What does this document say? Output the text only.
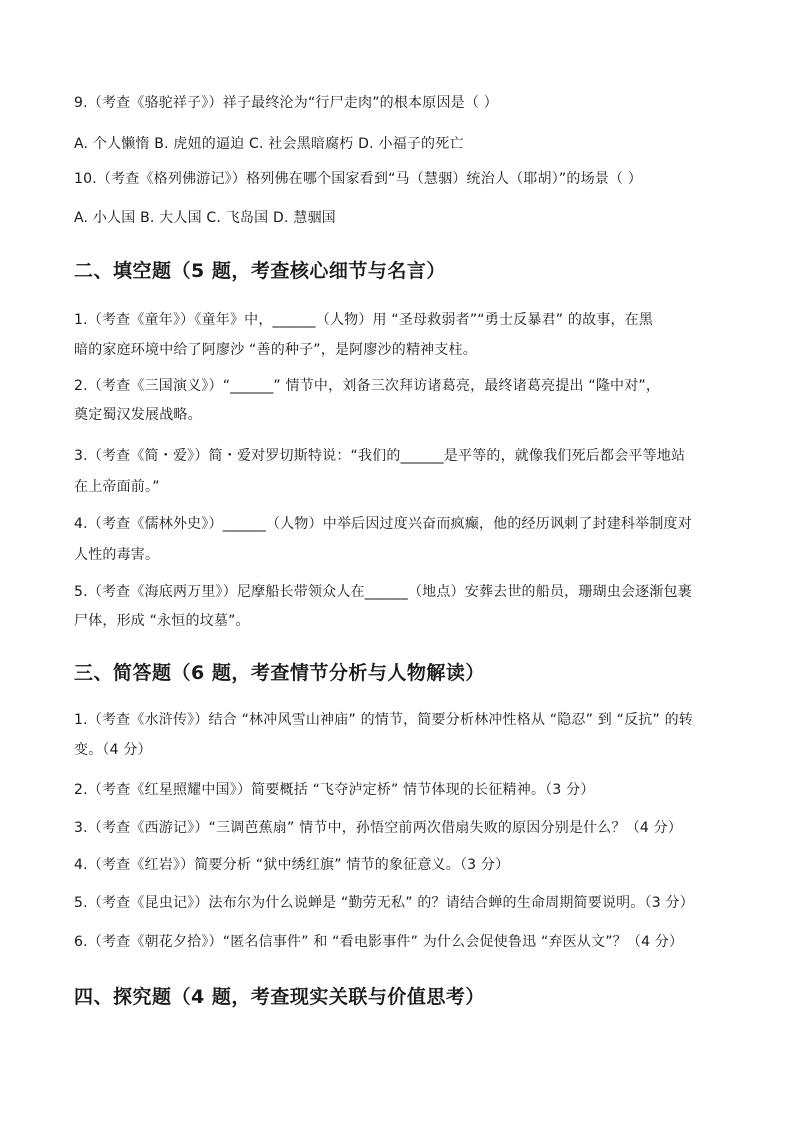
9.（考查《骆驼祥子》）祥子最终沦为“行尸走肉”的根本原因是（ ）
A. 个人懒惰 B. 虎妞的逼迫 C. 社会黑暗腐朽 D. 小福子的死亡
10.（考查《格列佛游记》）格列佛在哪个国家看到“马（慧骃）统治人（耶胡）”的场景（ ）
A. 小人国 B. 大人国 C. 飞岛国 D. 慧骃国
二、填空题（5 题，考查核心细节与名言）
1.（考查《童年》）《童年》中，______（人物）用 “圣母救弱者”“勇士反暴君” 的故事，在黑
暗的家庭环境中给了阿廖沙 “善的种子”，是阿廖沙的精神支柱。
2.（考查《三国演义》）“______” 情节中，刘备三次拜访诸葛亮，最终诸葛亮提出 “隆中对”，
奠定蜀汉发展战略。
3.（考查《简・爱》）简・爱对罗切斯特说：“我们的______是平等的，就像我们死后都会平等地站
在上帝面前。”
4.（考查《儒林外史》）______（人物）中举后因过度兴奋而疯癫，他的经历讽刺了封建科举制度对
人性的毒害。
5.（考查《海底两万里》）尼摩船长带领众人在______（地点）安葬去世的船员，珊瑚虫会逐渐包裹
尸体，形成 “永恒的坟墓”。
三、简答题（6 题，考查情节分析与人物解读）
1.（考查《水浒传》）结合 “林冲风雪山神庙” 的情节，简要分析林冲性格从 “隐忍” 到 “反抗” 的转
变。（4 分）
2.（考查《红星照耀中国》）简要概括 “飞夺泸定桥” 情节体现的长征精神。（3 分）
3.（考查《西游记》）“三调芭蕉扇” 情节中，孙悟空前两次借扇失败的原因分别是什么？（4 分）
4.（考查《红岩》）简要分析 “狱中绣红旗” 情节的象征意义。（3 分）
5.（考查《昆虫记》）法布尔为什么说蝉是 “勤劳无私” 的？请结合蝉的生命周期简要说明。（3 分）
6.（考查《朝花夕拾》）“匿名信事件” 和 “看电影事件” 为什么会促使鲁迅 “弃医从文”？（4 分）
四、探究题（4 题，考查现实关联与价值思考）
